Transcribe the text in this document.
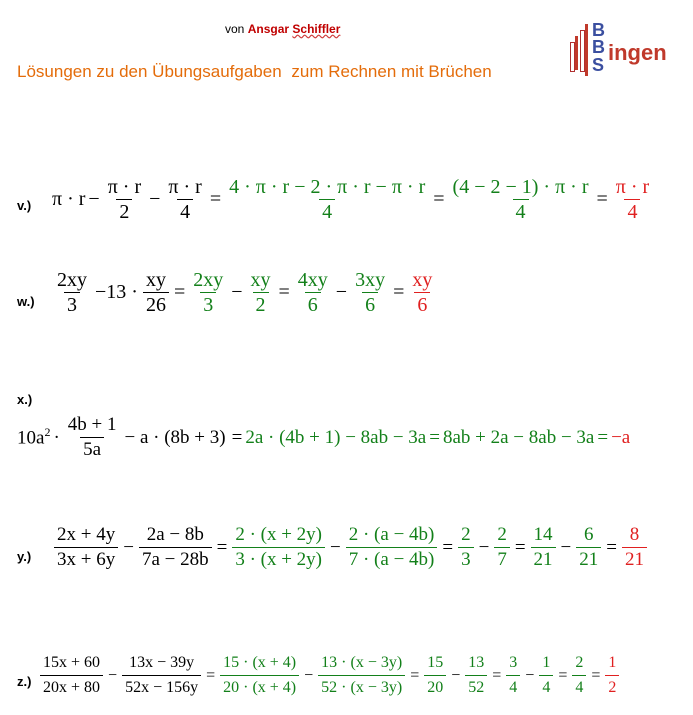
von Ansgar Schiffler
Lösungen zu den Übungsaufgaben zum Rechnen mit Brüchen
B
B
S ingen
v.) $\pi \cdot r - \frac{\pi \cdot r}{2} - \frac{\pi \cdot r}{4} = \frac{4 \cdot \pi \cdot r - 2 \cdot \pi \cdot r - \pi \cdot r}{4} = \frac{(4 - 2 - 1) \cdot \pi \cdot r}{4} = \frac{\pi \cdot r}{4}$
$w.) \frac{2xy}{3} -13 \cdot \frac{xy}{26} = \frac{2xy}{3} - \frac{xy}{2} = \frac{4xy}{6} - \frac{3xy}{6} = \frac{xy}{6}$
x.)
$10a^2 \cdot \frac{4b + 1}{5a} - a \cdot (8b + 3) = 2a \cdot (4b + 1) - 8ab - 3a = 8ab + 2a - 8ab - 3a = -a$
$y.) \frac{2x + 4y}{3x + 6y} - \frac{2a - 8b}{7a - 28b} = \frac{2 \cdot (x + 2y)}{3 \cdot (x + 2y)} - \frac{2 \cdot (a - 4b)}{7 \cdot (a - 4b)} = \frac{2}{3} - \frac{2}{7} = \frac{14}{21} - \frac{6}{21} = \frac{8}{21}$
$z.) \frac{15x + 60}{20x + 80} - \frac{13x - 39y}{52x - 156y} = \frac{15 \cdot (x + 4)}{20 \cdot (x + 4)} - \frac{13 \cdot (x - 3y)}{52 \cdot (x - 3y)} = \frac{15}{20} - \frac{13}{52} = \frac{3}{4} - \frac{1}{4} = \frac{2}{4} = \frac{1}{2}$
